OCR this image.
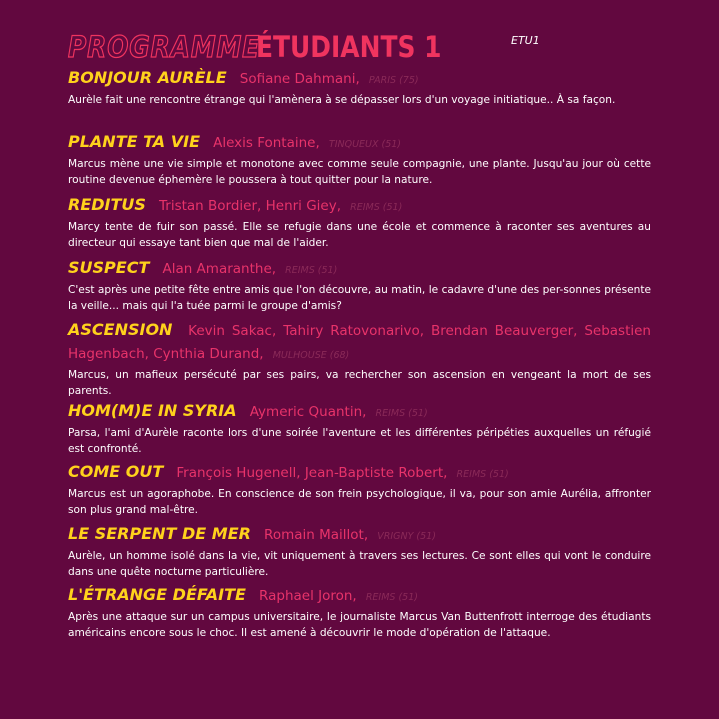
PROGRAMME
ÉTUDIANTS 1	ETU1
BONJOUR AURÈLE Sofiane Dahmani, PARIS (75)
Aurèle fait une rencontre étrange qui l'amènera à se dépasser lors d'un voyage initiatique.. À sa façon.
PLANTE TA VIE Alexis Fontaine, TINQUEUX (51)
Marcus mène une vie simple et monotone avec comme seule compagnie, une plante. Jusqu'au jour où cette routine devenue éphemère le poussera à tout quitter pour la nature.
REDITUS Tristan Bordier, Henri Giey, REIMS (51)
Marcy tente de fuir son passé. Elle se refugie dans une école et commence à raconter ses aventures au directeur qui essaye tant bien que mal de l'aider.
SUSPECT Alan Amaranthe, REIMS (51)
C'est après une petite fête entre amis que l'on découvre, au matin, le cadavre d'une des per-sonnes présente la veille... mais qui l'a tuée parmi le groupe d'amis?
ASCENSION Kevin Sakac, Tahiry Ratovonarivo, Brendan Beauverger, Sebastien Hagenbach, Cynthia Durand, MULHOUSE (68)
Marcus, un mafieux persécuté par ses pairs, va rechercher son ascension en vengeant la mort de ses parents.
HOM(M)E IN SYRIA Aymeric Quantin, REIMS (51)
Parsa, l'ami d'Aurèle raconte lors d'une soirée l'aventure et les différentes péripéties auxquelles un réfugié est confronté.
COME OUT François Hugenell, Jean-Baptiste Robert, REIMS (51)
Marcus est un agoraphobe. En conscience de son frein psychologique, il va, pour son amie Aurélia, affronter son plus grand mal-être.
LE SERPENT DE MER Romain Maillot, VRIGNY (51)
Aurèle, un homme isolé dans la vie, vit uniquement à travers ses lectures. Ce sont elles qui vont le conduire dans une quête nocturne particulière.
L'ÉTRANGE DÉFAITE Raphael Joron, REIMS (51)
Après une attaque sur un campus universitaire, le journaliste Marcus Van Buttenfrott interroge des étudiants américains encore sous le choc. Il est amené à découvrir le mode d'opération de l'attaque.
